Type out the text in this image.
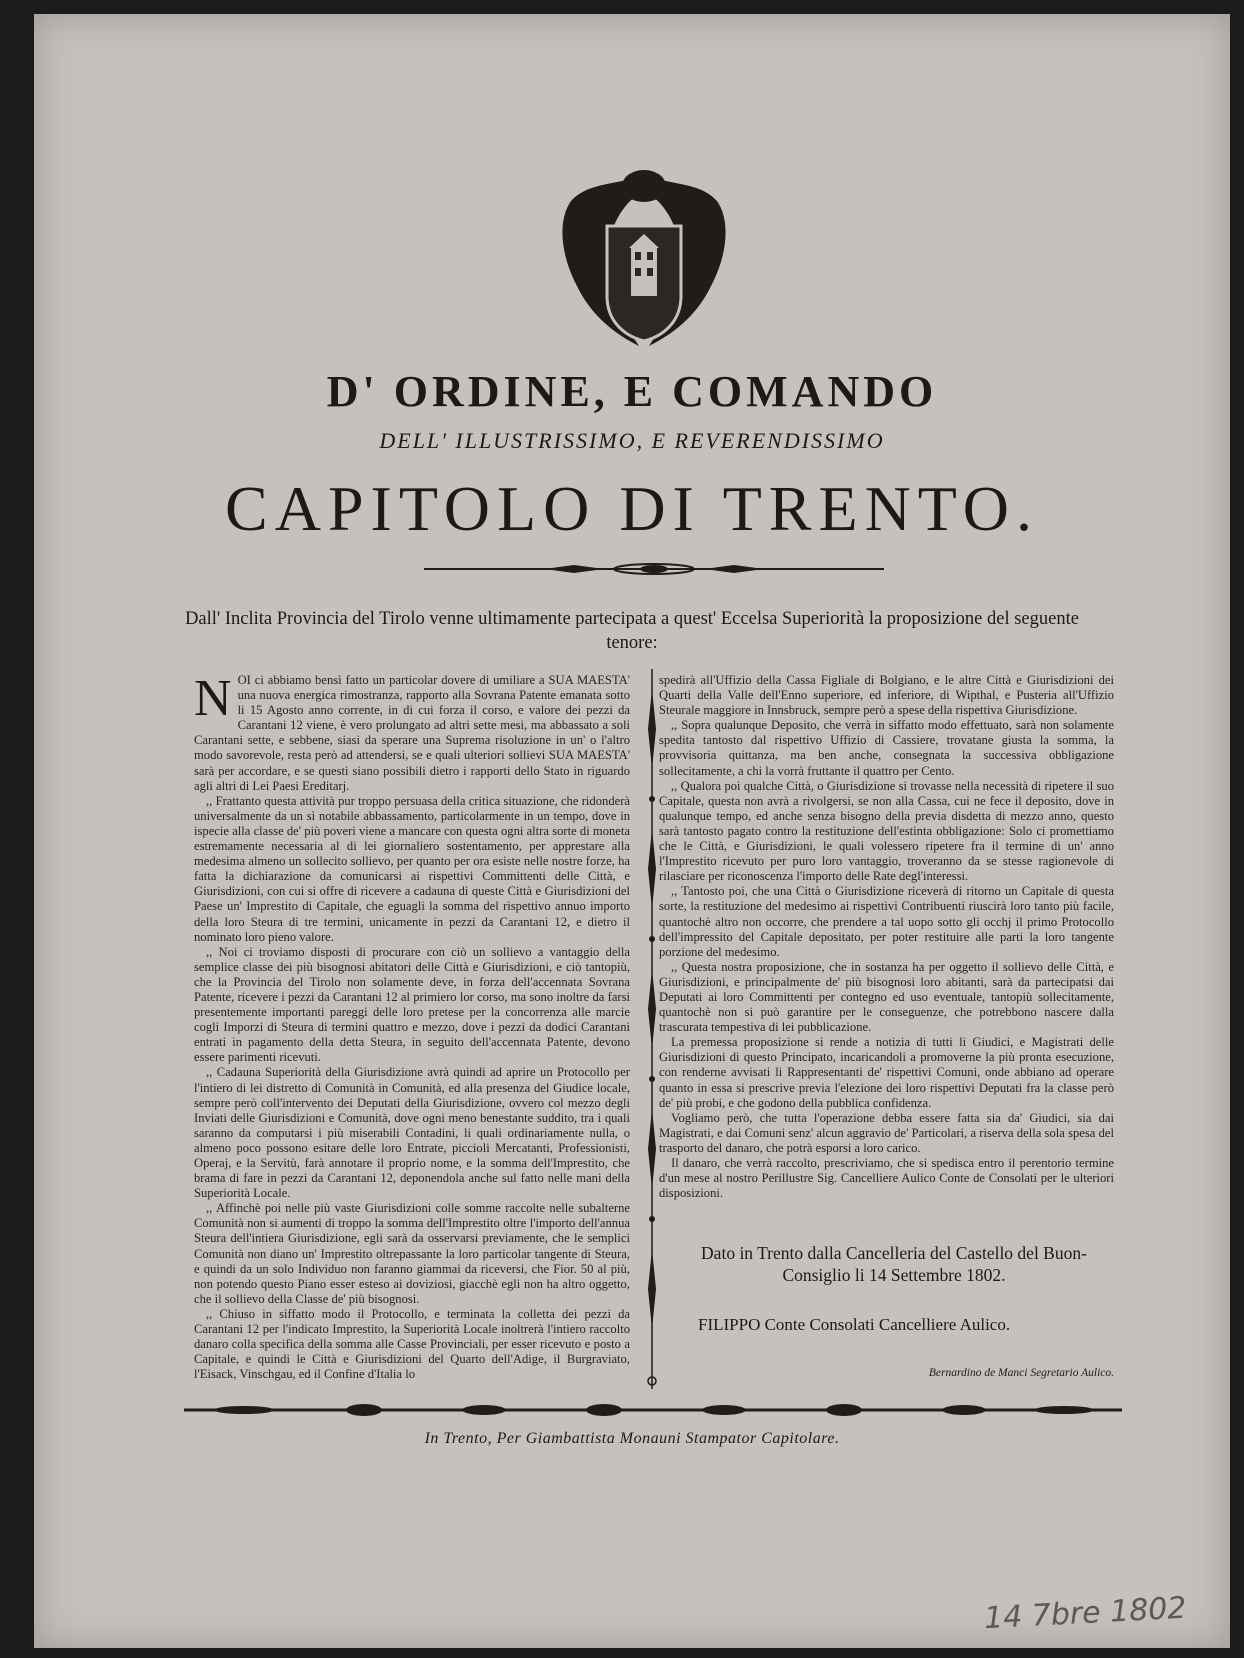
D' ORDINE, E COMANDO
DELL' ILLUSTRISSIMO, E REVERENDISSIMO
CAPITOLO DI TRENTO.
Dall' Inclita Provincia del Tirolo venne ultimamente partecipata a quest' Eccelsa Superiorità la proposizione del seguente tenore:

NOI ci abbiamo bensì fatto un particolar dovere di umiliare a SUA MAESTA' una nuova energica rimostranza, rapporto alla Sovrana Patente emanata sotto li 15 Agosto anno corrente, in di cui forza il corso, e valore dei pezzi da Carantani 12 viene, è vero prolungato ad altri sette mesi, ma abbassato a soli Carantani sette, e sebbene, siasi da sperare una Suprema risoluzione in un' o l'altro modo savorevole, resta però ad attendersi, se e quali ulteriori sollievi SUA MAESTA' sarà per accordare, e se questi siano possibili dietro i rapporti dello Stato in riguardo agli altri di Lei Paesi Ereditarj.

,, Frattanto questa attività pur troppo persuasa della critica situazione, che ridonderà universalmente da un sì notabile abbassamento, particolarmente in un tempo, dove in ispecie alla classe de' più poveri viene a mancare con questa ogni altra sorte di moneta estremamente necessaria al di lei giornaliero sostentamento, per apprestare alla medesima almeno un sollecito sollievo, per quanto per ora esiste nelle nostre forze, ha fatta la dichiarazione da comunicarsi ai rispettivi Committenti delle Città, e Giurisdizioni, con cui si offre di ricevere a cadauna di queste Città e Giurisdizioni del Paese un' Imprestito di Capitale, che eguagli la somma del rispettivo annuo importo della loro Steura di tre termini, unicamente in pezzi da Carantani 12, e dietro il nominato loro pieno valore.

,, Noi ci troviamo disposti di procurare con ciò un sollievo a vantaggio della semplice classe dei più bisognosi abitatori delle Città e Giurisdizioni, e ciò tantopiù, che la Provincia del Tirolo non solamente deve, in forza dell'accennata Sovrana Patente, ricevere i pezzi da Carantani 12 al primiero lor corso, ma sono inoltre da farsi presentemente importanti pareggi delle loro pretese per la concorrenza alle marcie cogli Imporzi di Steura di termini quattro e mezzo, dove i pezzi da dodici Carantani entrati in pagamento della detta Steura, in seguito dell'accennata Patente, devono essere parimenti ricevuti.

,, Cadauna Superiorità della Giurisdizione avrà quindi ad aprire un Protocollo per l'intiero di lei distretto di Comunità in Comunità, ed alla presenza del Giudice locale, sempre però coll'intervento dei Deputati della Giurisdizione, ovvero col mezzo degli Inviati delle Giurisdizioni e Comunità, dove ogni meno benestante suddito, tra i quali saranno da computarsi i più miserabili Contadini, li quali ordinariamente nulla, o almeno poco possono esitare delle loro Entrate, piccioli Mercatanti, Professionisti, Operaj, e la Servitù, farà annotare il proprio nome, e la somma dell'Imprestito, che brama di fare in pezzi da Carantani 12, deponendola anche sul fatto nelle mani della Superiorità Locale.

,, Affinchè poi nelle più vaste Giurisdizioni colle somme raccolte nelle subalterne Comunità non si aumenti di troppo la somma dell'Imprestito oltre l'importo dell'annua Steura dell'intiera Giurisdizione, egli sarà da osservarsi previamente, che le semplici Comunità non diano un' Imprestito oltrepassante la loro particolar tangente di Steura, e quindi da un solo Individuo non faranno giammai da riceversi, che Fior. 50 al più, non potendo questo Piano esser esteso ai doviziosi, giacchè egli non ha altro oggetto, che il sollievo della Classe de' più bisognosi.

,, Chiuso in siffatto modo il Protocollo, e terminata la colletta dei pezzi da Carantani 12 per l'indicato Imprestito, la Superiorità Locale inoltrerà l'intiero raccolto danaro colla specifica della somma alle Casse Provinciali, per esser ricevuto e posto a Capitale, e quindi le Città e Giurisdizioni del Quarto dell'Adige, il Burgraviato, l'Eisack, Vinschgau, ed il Confine d'Italia lo

spedirà all'Uffizio della Cassa Figliale di Bolgiano, e le altre Città e Giurisdizioni dei Quarti della Valle dell'Enno superiore, ed inferiore, di Wipthal, e Pusteria all'Uffizio Steurale maggiore in Innsbruck, sempre però a spese della rispettiva Giurisdizione.

,, Sopra qualunque Deposito, che verrà in siffatto modo effettuato, sarà non solamente spedita tantosto dal rispettivo Uffizio di Cassiere, trovatane giusta la somma, la provvisoria quittanza, ma ben anche, consegnata la successiva obbligazione sollecitamente, a chi la vorrà fruttante il quattro per Cento.

,, Qualora poi qualche Città, o Giurisdizione si trovasse nella necessità di ripetere il suo Capitale, questa non avrà a rivolgersi, se non alla Cassa, cui ne fece il deposito, dove in qualunque tempo, ed anche senza bisogno della previa disdetta di mezzo anno, questo sarà tantosto pagato contro la restituzione dell'estinta obbligazione: Solo ci promettiamo che le Città, e Giurisdizioni, le quali volessero ripetere fra il termine di un' anno l'Imprestito ricevuto per puro loro vantaggio, troveranno da se stesse ragionevole di rilasciare per riconoscenza l'importo delle Rate degl'interessi.

,, Tantosto poi, che una Città o Giurisdizione riceverà di ritorno un Capitale di questa sorte, la restituzione del medesimo ai rispettivi Contribuenti riuscirà loro tanto più facile, quantochè altro non occorre, che prendere a tal uopo sotto gli occhj il primo Protocollo dell'impressito del Capitale depositato, per poter restituire alle parti la loro tangente porzione del medesimo.

,, Questa nostra proposizione, che in sostanza ha per oggetto il sollievo delle Città, e Giurisdizioni, e principalmente de' più bisognosi loro abitanti, sarà da partecipatsi dai Deputati ai loro Committenti per contegno ed uso eventuale, tantopiù sollecitamente, quantochè non si può garantire per le conseguenze, che potrebbono nascere dalla trascurata tempestiva di lei pubblicazione.

La premessa proposizione si rende a notizia di tutti li Giudici, e Magistrati delle Giurisdizioni di questo Principato, incaricandoli a promoverne la più pronta esecuzione, con renderne avvisati li Rappresentanti de' rispettivi Comuni, onde abbiano ad operare quanto in essa si prescrive previa l'elezione dei loro rispettivi Deputati fra la classe però de' più probi, e che godono della pubblica confidenza.

Vogliamo però, che tutta l'operazione debba essere fatta sia da' Giudici, sia dai Magistrati, e dai Comuni senz' alcun aggravio de' Particolari, a riserva della sola spesa del trasporto del danaro, che potrà esporsi a loro carico.

Il danaro, che verrà raccolto, prescriviamo, che si spedisca entro il perentorio termine d'un mese al nostro Perillustre Sig. Cancelliere Aulico Conte de Consolati per le ulteriori disposizioni.

Dato in Trento dalla Cancelleria del Castello del Buon-Consiglio li 14 Settembre 1802.
FILIPPO Conte Consolati Cancelliere Aulico.
Bernardino de Manci Segretario Aulico.
In Trento, Per Giambattista Monauni Stampator Capitolare.
14 7bre 1802
